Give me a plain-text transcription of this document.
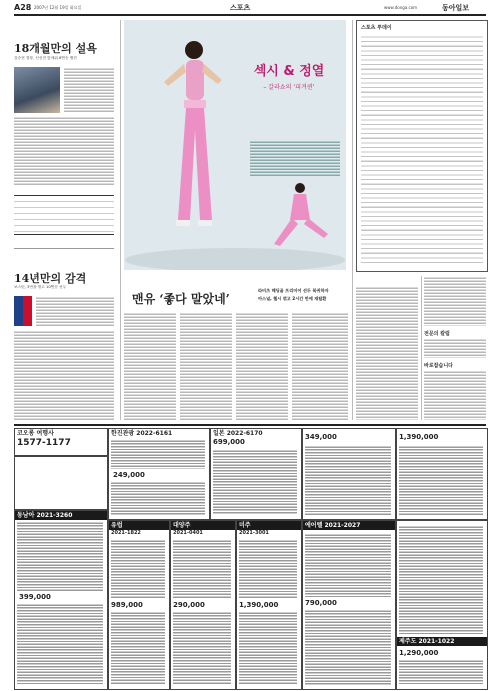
A28 2007년 12월 19일 화요일	스포츠	www.donga.com	동아일보
18개월만의 설욕
김승현 결장, 신선진 앞세워 6연승 행진
14년만의 감격
보스턴, 3번을 꺾고 10연승 선두
섹시 & 정열
– 갈라쇼의 ‘피겨퀸’
맨유 ‘좋다 말았네’
라비츠 헤딩골 프리미어 선두 복귀하자
아스널, 첼시 꺾고 2시간 만에 재탈환
스포츠 투데이
전문의 칼럼
바로잡습니다
코오롱 여행사
1577-1177
동남아 2021-3260
399,000
한진관광 2022-6161
249,000
일본 2022-6170
699,000
349,000	1,390,000
유럽
2021-1822
989,000
대양주
2021-0401
290,000
미주
2021-3001
1,390,000
에어텔 2021-2027
790,000
제주도 2021-1022
1,290,000
